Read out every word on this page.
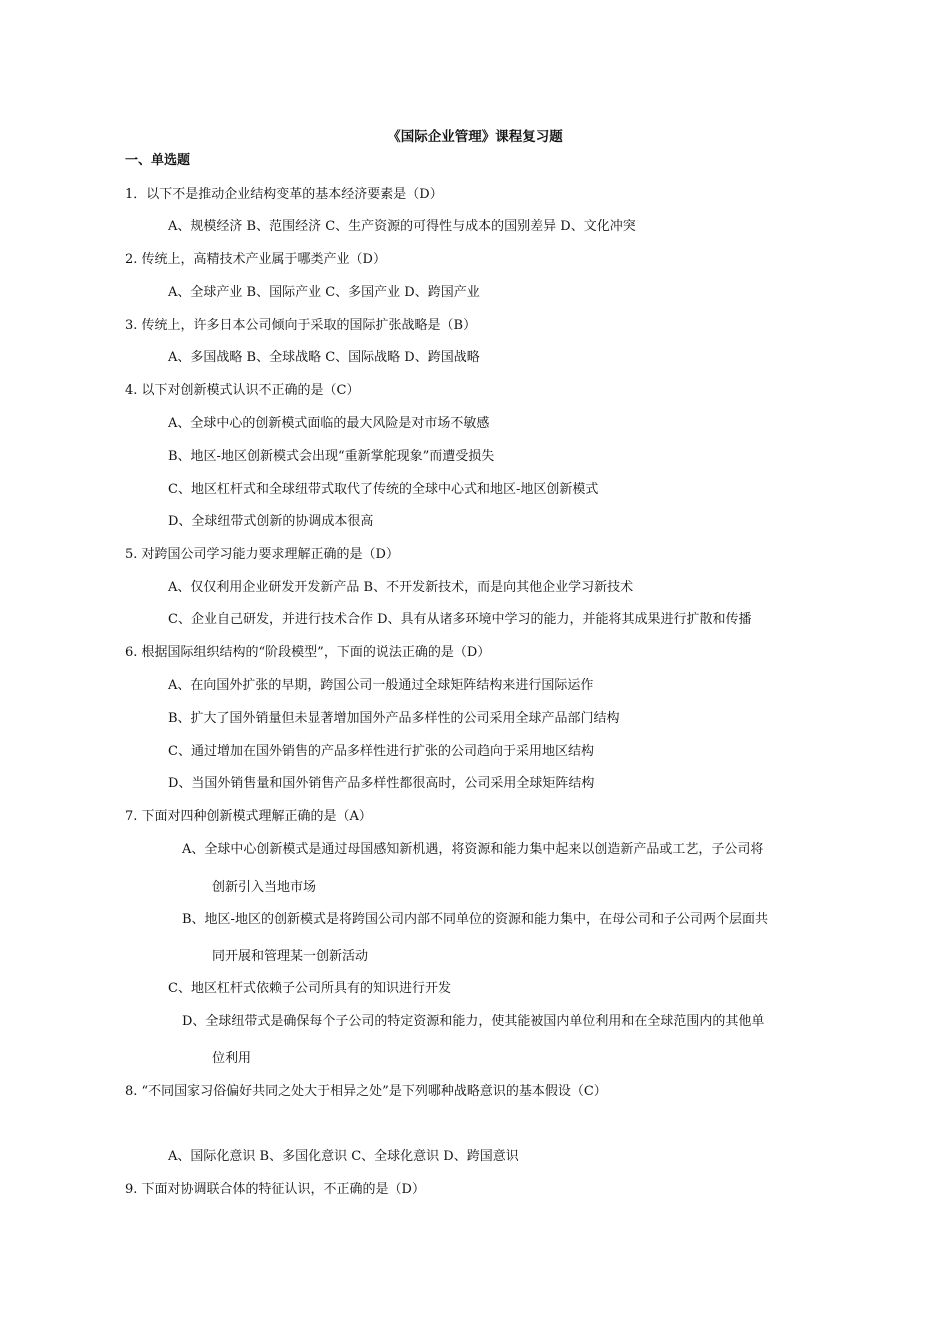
《国际企业管理》课程复习题
一、单选题
1．以下不是推动企业结构变革的基本经济要素是（D）
A、规模经济 B、范围经济 C、生产资源的可得性与成本的国别差异 D、文化冲突
2. 传统上，高精技术产业属于哪类产业（D）
A、全球产业 B、国际产业 C、多国产业 D、跨国产业
3. 传统上，许多日本公司倾向于采取的国际扩张战略是（B）
A、多国战略 B、全球战略 C、国际战略 D、跨国战略
4. 以下对创新模式认识不正确的是（C）
A、全球中心的创新模式面临的最大风险是对市场不敏感
B、地区-地区创新模式会出现“重新掌舵现象”而遭受损失
C、地区杠杆式和全球纽带式取代了传统的全球中心式和地区-地区创新模式
D、全球纽带式创新的协调成本很高
5. 对跨国公司学习能力要求理解正确的是（D）
A、仅仅利用企业研发开发新产品 B、不开发新技术，而是向其他企业学习新技术
C、企业自己研发，并进行技术合作 D、具有从诸多环境中学习的能力，并能将其成果进行扩散和传播
6. 根据国际组织结构的“阶段模型”，下面的说法正确的是（D）
A、在向国外扩张的早期，跨国公司一般通过全球矩阵结构来进行国际运作
B、扩大了国外销量但未显著增加国外产品多样性的公司采用全球产品部门结构
C、通过增加在国外销售的产品多样性进行扩张的公司趋向于采用地区结构
D、当国外销售量和国外销售产品多样性都很高时，公司采用全球矩阵结构
7. 下面对四种创新模式理解正确的是（A）
A、全球中心创新模式是通过母国感知新机遇，将资源和能力集中起来以创造新产品或工艺，子公司将
创新引入当地市场
B、地区-地区的创新模式是将跨国公司内部不同单位的资源和能力集中，在母公司和子公司两个层面共
同开展和管理某一创新活动
C、地区杠杆式依赖子公司所具有的知识进行开发
D、全球纽带式是确保每个子公司的特定资源和能力，使其能被国内单位利用和在全球范围内的其他单
位利用
8. “不同国家习俗偏好共同之处大于相异之处”是下列哪种战略意识的基本假设（C）
A、国际化意识 B、多国化意识 C、全球化意识 D、跨国意识
9. 下面对协调联合体的特征认识，不正确的是（D）
